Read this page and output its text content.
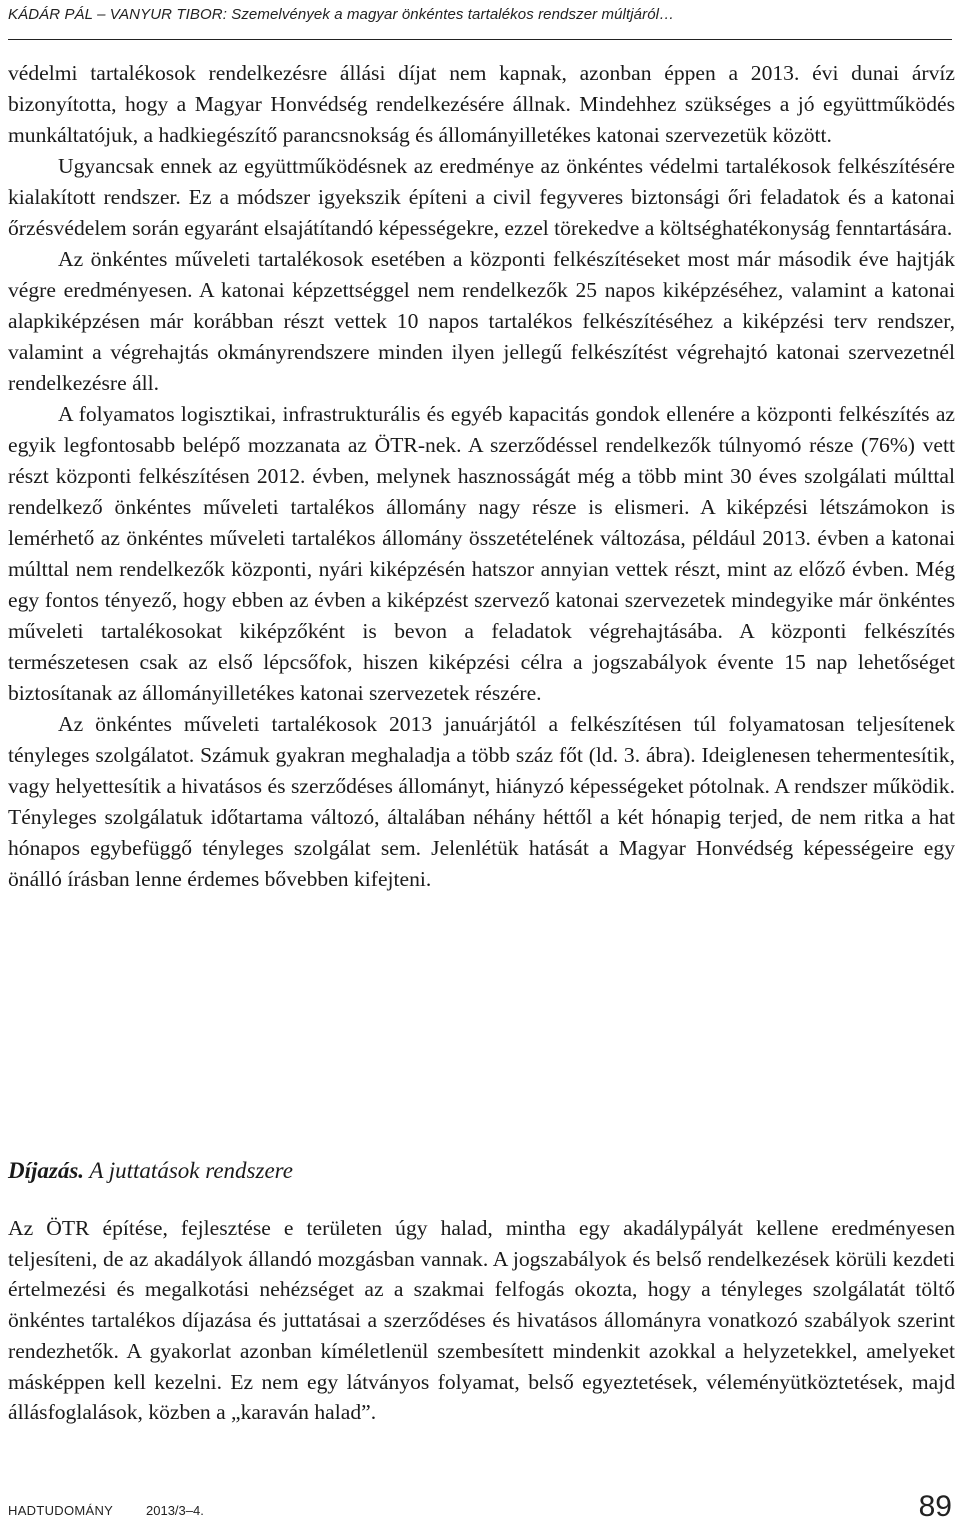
KÁDÁR PÁL – VANYUR TIBOR: Szemelvények a magyar önkéntes tartalékos rendszer múltjáról…

védelmi tartalékosok rendelkezésre állási díjat nem kapnak, azonban éppen a 2013. évi dunai árvíz bizonyította, hogy a Magyar Honvédség rendelkezésére állnak. Mindehhez szükséges a jó együttműködés munkáltatójuk, a hadkiegészítő parancsnokság és állományilletékes katonai szervezetük között.

Ugyancsak ennek az együttműködésnek az eredménye az önkéntes védelmi tartalékosok felkészítésére kialakított rendszer. Ez a módszer igyekszik építeni a civil fegyveres biztonsági őri feladatok és a katonai őrzésvédelem során egyaránt elsajátítandó képességekre, ezzel törekedve a költséghatékonyság fenntartására.

Az önkéntes műveleti tartalékosok esetében a központi felkészítéseket most már második éve hajtják végre eredményesen. A katonai képzettséggel nem rendelkezők 25 napos kiképzéséhez, valamint a katonai alapkiképzésen már korábban részt vettek 10 napos tartalékos felkészítéséhez a kiképzési terv rendszer, valamint a végrehajtás okmányrendszere minden ilyen jellegű felkészítést végrehajtó katonai szervezetnél rendelkezésre áll.

A folyamatos logisztikai, infrastrukturális és egyéb kapacitás gondok ellenére a központi felkészítés az egyik legfontosabb belépő mozzanata az ÖTR-nek. A szerződéssel rendelkezők túlnyomó része (76%) vett részt központi felkészítésen 2012. évben, melynek hasznosságát még a több mint 30 éves szolgálati múlttal rendelkező önkéntes műveleti tartalékos állomány nagy része is elismeri. A kiképzési létszámokon is lemérhető az önkéntes műveleti tartalékos állomány összetételének változása, például 2013. évben a katonai múlttal nem rendelkezők központi, nyári kiképzésén hatszor annyian vettek részt, mint az előző évben. Még egy fontos tényező, hogy ebben az évben a kiképzést szervező katonai szervezetek mindegyike már önkéntes műveleti tartalékosokat kiképzőként is bevon a feladatok végrehajtásába. A központi felkészítés természetesen csak az első lépcsőfok, hiszen kiképzési célra a jogszabályok évente 15 nap lehetőséget biztosítanak az állományilletékes katonai szervezetek részére.

Az önkéntes műveleti tartalékosok 2013 januárjától a felkészítésen túl folyamatosan teljesítenek tényleges szolgálatot. Számuk gyakran meghaladja a több száz főt (ld. 3. ábra). Ideiglenesen tehermentesítik, vagy helyettesítik a hivatásos és szerződéses állományt, hiányzó képességeket pótolnak. A rendszer működik. Tényleges szolgálatuk időtartama változó, általában néhány héttől a két hónapig terjed, de nem ritka a hat hónapos egybefüggő tényleges szolgálat sem. Jelenlétük hatását a Magyar Honvédség képességeire egy önálló írásban lenne érdemes bővebben kifejteni.

Díjazás. A juttatások rendszere

Az ÖTR építése, fejlesztése e területen úgy halad, mintha egy akadálypályát kellene eredményesen teljesíteni, de az akadályok állandó mozgásban vannak. A jogszabályok és belső rendelkezések körüli kezdeti értelmezési és megalkotási nehézséget az a szakmai felfogás okozta, hogy a tényleges szolgálatát töltő önkéntes tartalékos díjazása és juttatásai a szerződéses és hivatásos állományra vonatkozó szabályok szerint rendezhetők. A gyakorlat azonban kíméletlenül szembesített mindenkit azokkal a helyzetekkel, amelyeket másképpen kell kezelni. Ez nem egy látványos folyamat, belső egyeztetések, véleményütköztetések, majd állásfoglalások, közben a „karaván halad”.

HADTUDOMÁNY	2013/3–4.	89
